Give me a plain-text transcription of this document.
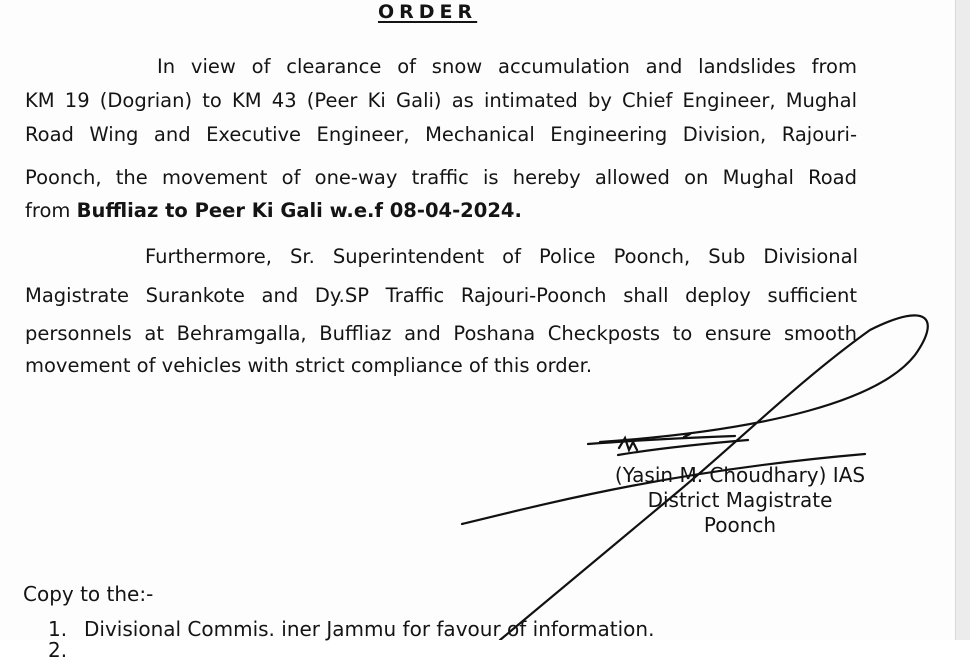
ORDER
In view of clearance of snow accumulation and landslides from
KM 19 (Dogrian) to KM 43 (Peer Ki Gali) as intimated by Chief Engineer, Mughal
Road Wing and Executive Engineer, Mechanical Engineering Division, Rajouri-
Poonch, the movement of one-way traffic is hereby allowed on Mughal Road
from Buffliaz to Peer Ki Gali w.e.f 08-04-2024.
Furthermore, Sr. Superintendent of Police Poonch, Sub Divisional
Magistrate Surankote and Dy.SP Traffic Rajouri-Poonch shall deploy sufficient
personnels at Behramgalla, Buffliaz and Poshana Checkposts to ensure smooth
movement of vehicles with strict compliance of this order.
(Yasin M. Choudhary) IAS
District Magistrate
Poonch
Copy to the:-
1. Divisional Commis. iner Jammu for favour of information.
2.
